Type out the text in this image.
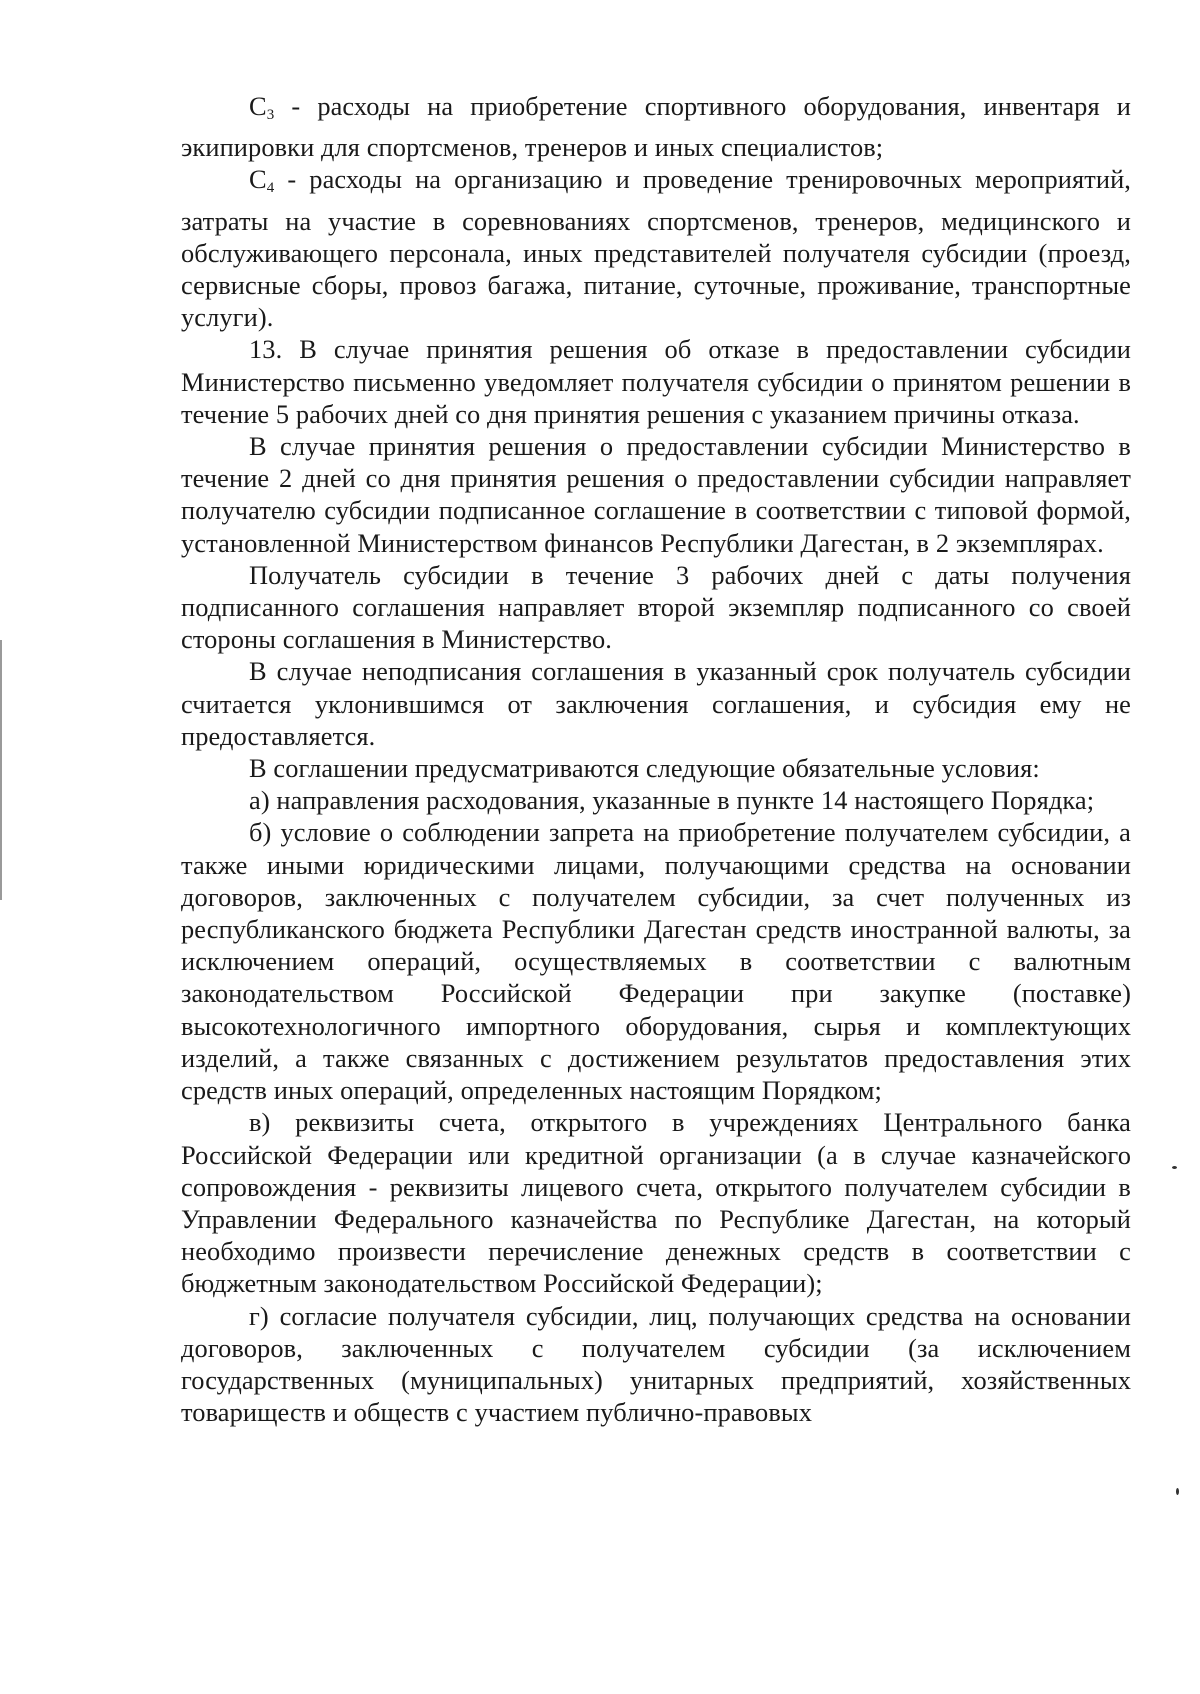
$С_3$ - расходы на приобретение спортивного оборудования, инвентаря и экипировки для спортсменов, тренеров и иных специалистов;

$С_4$ - расходы на организацию и проведение тренировочных мероприятий, затраты на участие в соревнованиях спортсменов, тренеров, медицинского и обслуживающего персонала, иных представителей получателя субсидии (проезд, сервисные сборы, провоз багажа, питание, суточные, проживание, транспортные услуги).

13. В случае принятия решения об отказе в предоставлении субсидии Министерство письменно уведомляет получателя субсидии о принятом решении в течение 5 рабочих дней со дня принятия решения с указанием причины отказа.

В случае принятия решения о предоставлении субсидии Министерство в течение 2 дней со дня принятия решения о предоставлении субсидии направляет получателю субсидии подписанное соглашение в соответствии с типовой формой, установленной Министерством финансов Республики Дагестан, в 2 экземплярах.

Получатель субсидии в течение 3 рабочих дней с даты получения подписанного соглашения направляет второй экземпляр подписанного со своей стороны соглашения в Министерство.

В случае неподписания соглашения в указанный срок получатель субсидии считается уклонившимся от заключения соглашения, и субсидия ему не предоставляется.

В соглашении предусматриваются следующие обязательные условия:

а) направления расходования, указанные в пункте 14 настоящего Порядка;

б) условие о соблюдении запрета на приобретение получателем субсидии, а также иными юридическими лицами, получающими средства на основании договоров, заключенных с получателем субсидии, за счет полученных из республиканского бюджета Республики Дагестан средств иностранной валюты, за исключением операций, осуществляемых в соответствии с валютным законодательством Российской Федерации при закупке (поставке) высокотехнологичного импортного оборудования, сырья и комплектующих изделий, а также связанных с достижением результатов предоставления этих средств иных операций, определенных настоящим Порядком;

в) реквизиты счета, открытого в учреждениях Центрального банка Российской Федерации или кредитной организации (а в случае казначейского сопровождения - реквизиты лицевого счета, открытого получателем субсидии в Управлении Федерального казначейства по Республике Дагестан, на который необходимо произвести перечисление денежных средств в соответствии с бюджетным законодательством Российской Федерации);

г) согласие получателя субсидии, лиц, получающих средства на основании договоров, заключенных с получателем субсидии (за исключением государственных (муниципальных) унитарных предприятий, хозяйственных товариществ и обществ с участием публично-правовых
